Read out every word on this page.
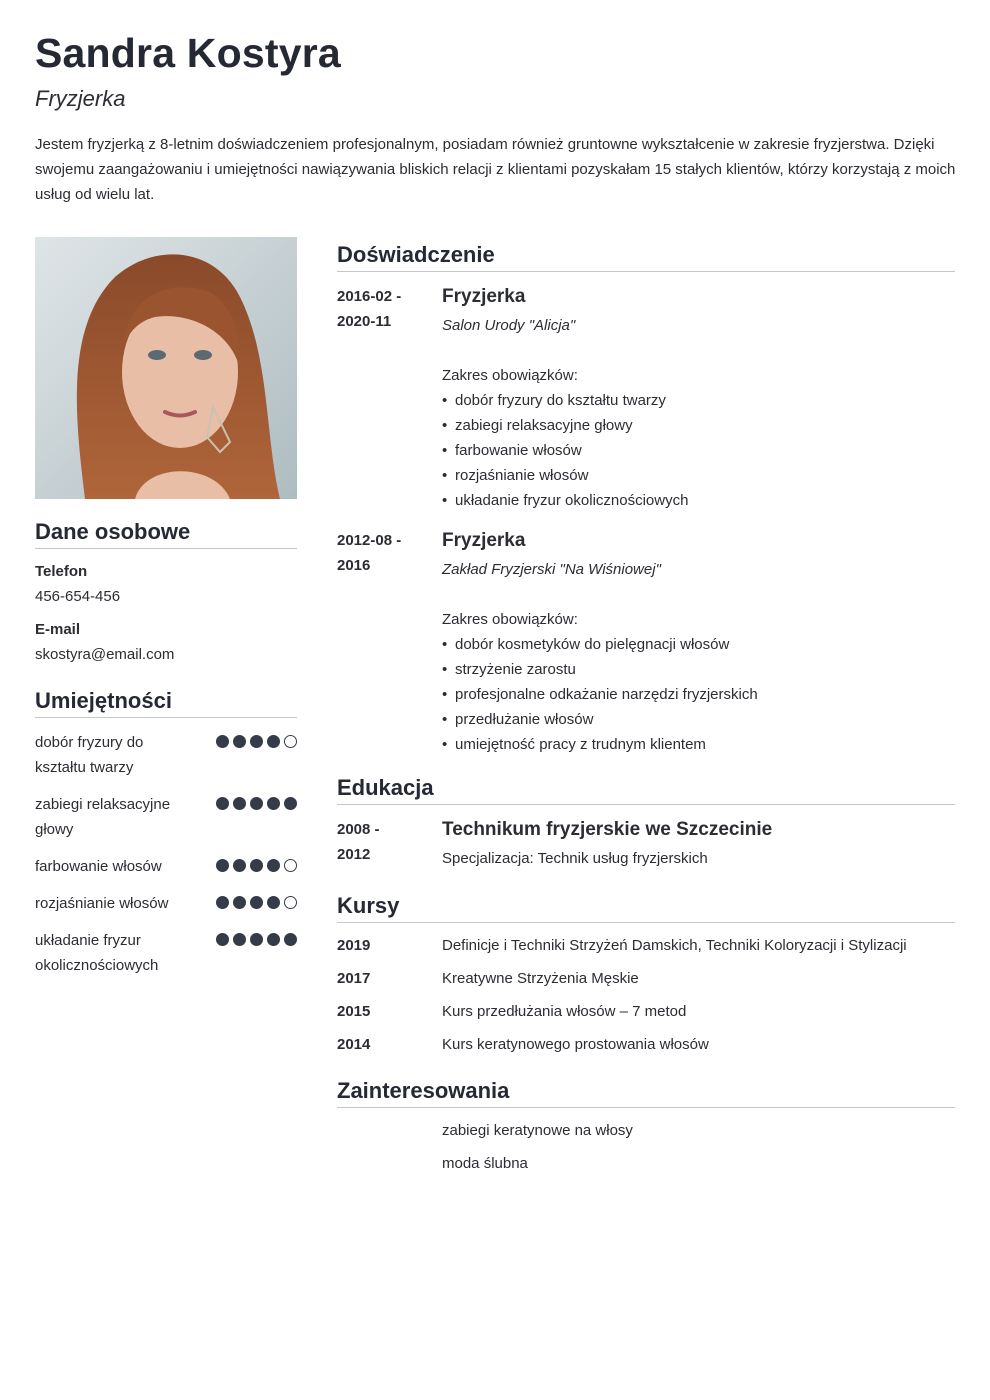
Sandra Kostyra
Fryzjerka
Jestem fryzjerką z 8-letnim doświadczeniem profesjonalnym, posiadam również gruntowne wykształcenie w zakresie fryzjerstwa. Dzięki swojemu zaangażowaniu i umiejętności nawiązywania bliskich relacji z klientami pozyskałam 15 stałych klientów, którzy korzystają z moich usług od wielu lat.
Dane osobowe
Telefon
456-654-456
E-mail
skostyra@email.com
Umiejętności
dobór fryzury do kształtu twarzy
zabiegi relaksacyjne głowy
farbowanie włosów
rozjaśnianie włosów
układanie fryzur okolicznościowych
Doświadczenie
2016-02 -
2020-11
Fryzjerka
Salon Urody "Alicja"
Zakres obowiązków:
• dobór fryzury do kształtu twarzy
• zabiegi relaksacyjne głowy
• farbowanie włosów
• rozjaśnianie włosów
• układanie fryzur okolicznościowych
2012-08 -
2016
Fryzjerka
Zakład Fryzjerski "Na Wiśniowej"
Zakres obowiązków:
• dobór kosmetyków do pielęgnacji włosów
• strzyżenie zarostu
• profesjonalne odkażanie narzędzi fryzjerskich
• przedłużanie włosów
• umiejętność pracy z trudnym klientem
Edukacja
2008 -
2012
Technikum fryzjerskie we Szczecinie
Specjalizacja: Technik usług fryzjerskich
Kursy
2019	Definicje i Techniki Strzyżeń Damskich, Techniki Koloryzacji i Stylizacji
2017	Kreatywne Strzyżenia Męskie
2015	Kurs przedłużania włosów – 7 metod
2014	Kurs keratynowego prostowania włosów
Zainteresowania
zabiegi keratynowe na włosy
moda ślubna
